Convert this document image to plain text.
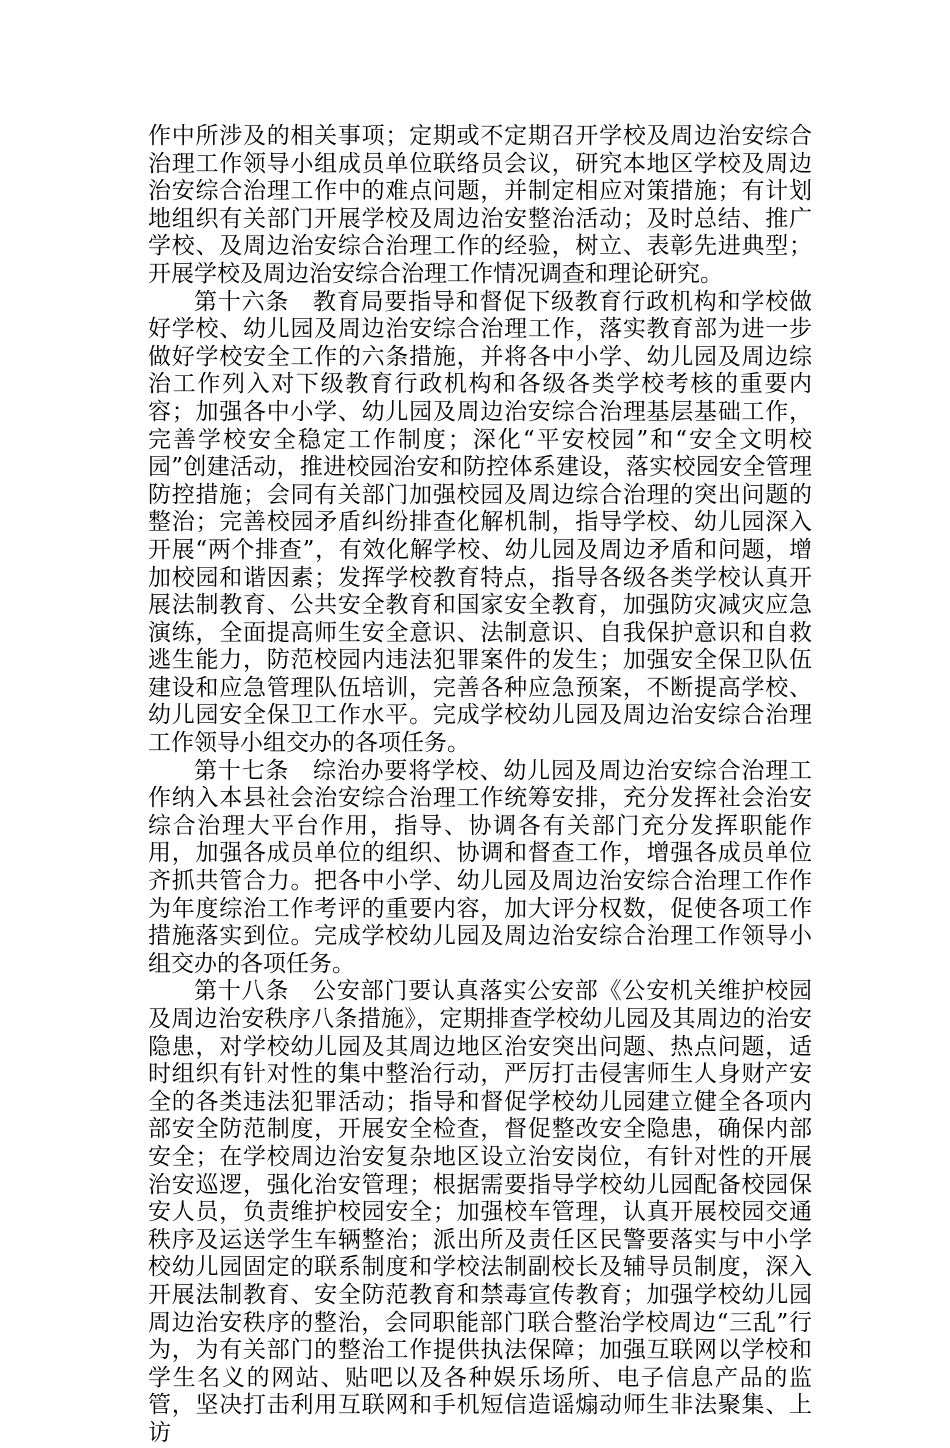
作中所涉及的相关事项；定期或不定期召开学校及周边治安综合治理工作领导小组成员单位联络员会议，研究本地区学校及周边治安综合治理工作中的难点问题，并制定相应对策措施；有计划地组织有关部门开展学校及周边治安整治活动；及时总结、推广学校、及周边治安综合治理工作的经验，树立、表彰先进典型；开展学校及周边治安综合治理工作情况调查和理论研究。

第十六条　教育局要指导和督促下级教育行政机构和学校做好学校、幼儿园及周边治安综合治理工作，落实教育部为进一步做好学校安全工作的六条措施，并将各中小学、幼儿园及周边综治工作列入对下级教育行政机构和各级各类学校考核的重要内容；加强各中小学、幼儿园及周边治安综合治理基层基础工作，完善学校安全稳定工作制度；深化“平安校园”和“安全文明校园”创建活动，推进校园治安和防控体系建设，落实校园安全管理防控措施；会同有关部门加强校园及周边综合治理的突出问题的整治；完善校园矛盾纠纷排查化解机制，指导学校、幼儿园深入开展“两个排查”，有效化解学校、幼儿园及周边矛盾和问题，增加校园和谐因素；发挥学校教育特点，指导各级各类学校认真开展法制教育、公共安全教育和国家安全教育，加强防灾减灾应急演练，全面提高师生安全意识、法制意识、自我保护意识和自救逃生能力，防范校园内违法犯罪案件的发生；加强安全保卫队伍建设和应急管理队伍培训，完善各种应急预案，不断提高学校、幼儿园安全保卫工作水平。完成学校幼儿园及周边治安综合治理工作领导小组交办的各项任务。

第十七条　综治办要将学校、幼儿园及周边治安综合治理工作纳入本县社会治安综合治理工作统筹安排，充分发挥社会治安综合治理大平台作用，指导、协调各有关部门充分发挥职能作用，加强各成员单位的组织、协调和督查工作，增强各成员单位齐抓共管合力。把各中小学、幼儿园及周边治安综合治理工作作为年度综治工作考评的重要内容，加大评分权数，促使各项工作措施落实到位。完成学校幼儿园及周边治安综合治理工作领导小组交办的各项任务。

第十八条　公安部门要认真落实公安部《公安机关维护校园及周边治安秩序八条措施》，定期排查学校幼儿园及其周边的治安隐患，对学校幼儿园及其周边地区治安突出问题、热点问题，适时组织有针对性的集中整治行动，严厉打击侵害师生人身财产安全的各类违法犯罪活动；指导和督促学校幼儿园建立健全各项内部安全防范制度，开展安全检查，督促整改安全隐患，确保内部安全；在学校周边治安复杂地区设立治安岗位，有针对性的开展治安巡逻，强化治安管理；根据需要指导学校幼儿园配备校园保安人员，负责维护校园安全；加强校车管理，认真开展校园交通秩序及运送学生车辆整治；派出所及责任区民警要落实与中小学校幼儿园固定的联系制度和学校法制副校长及辅导员制度，深入开展法制教育、安全防范教育和禁毒宣传教育；加强学校幼儿园周边治安秩序的整治，会同职能部门联合整治学校周边“三乱”行为，为有关部门的整治工作提供执法保障；加强互联网以学校和学生名义的网站、贴吧以及各种娱乐场所、电子信息产品的监管，坚决打击利用互联网和手机短信造谣煽动师生非法聚集、上访
